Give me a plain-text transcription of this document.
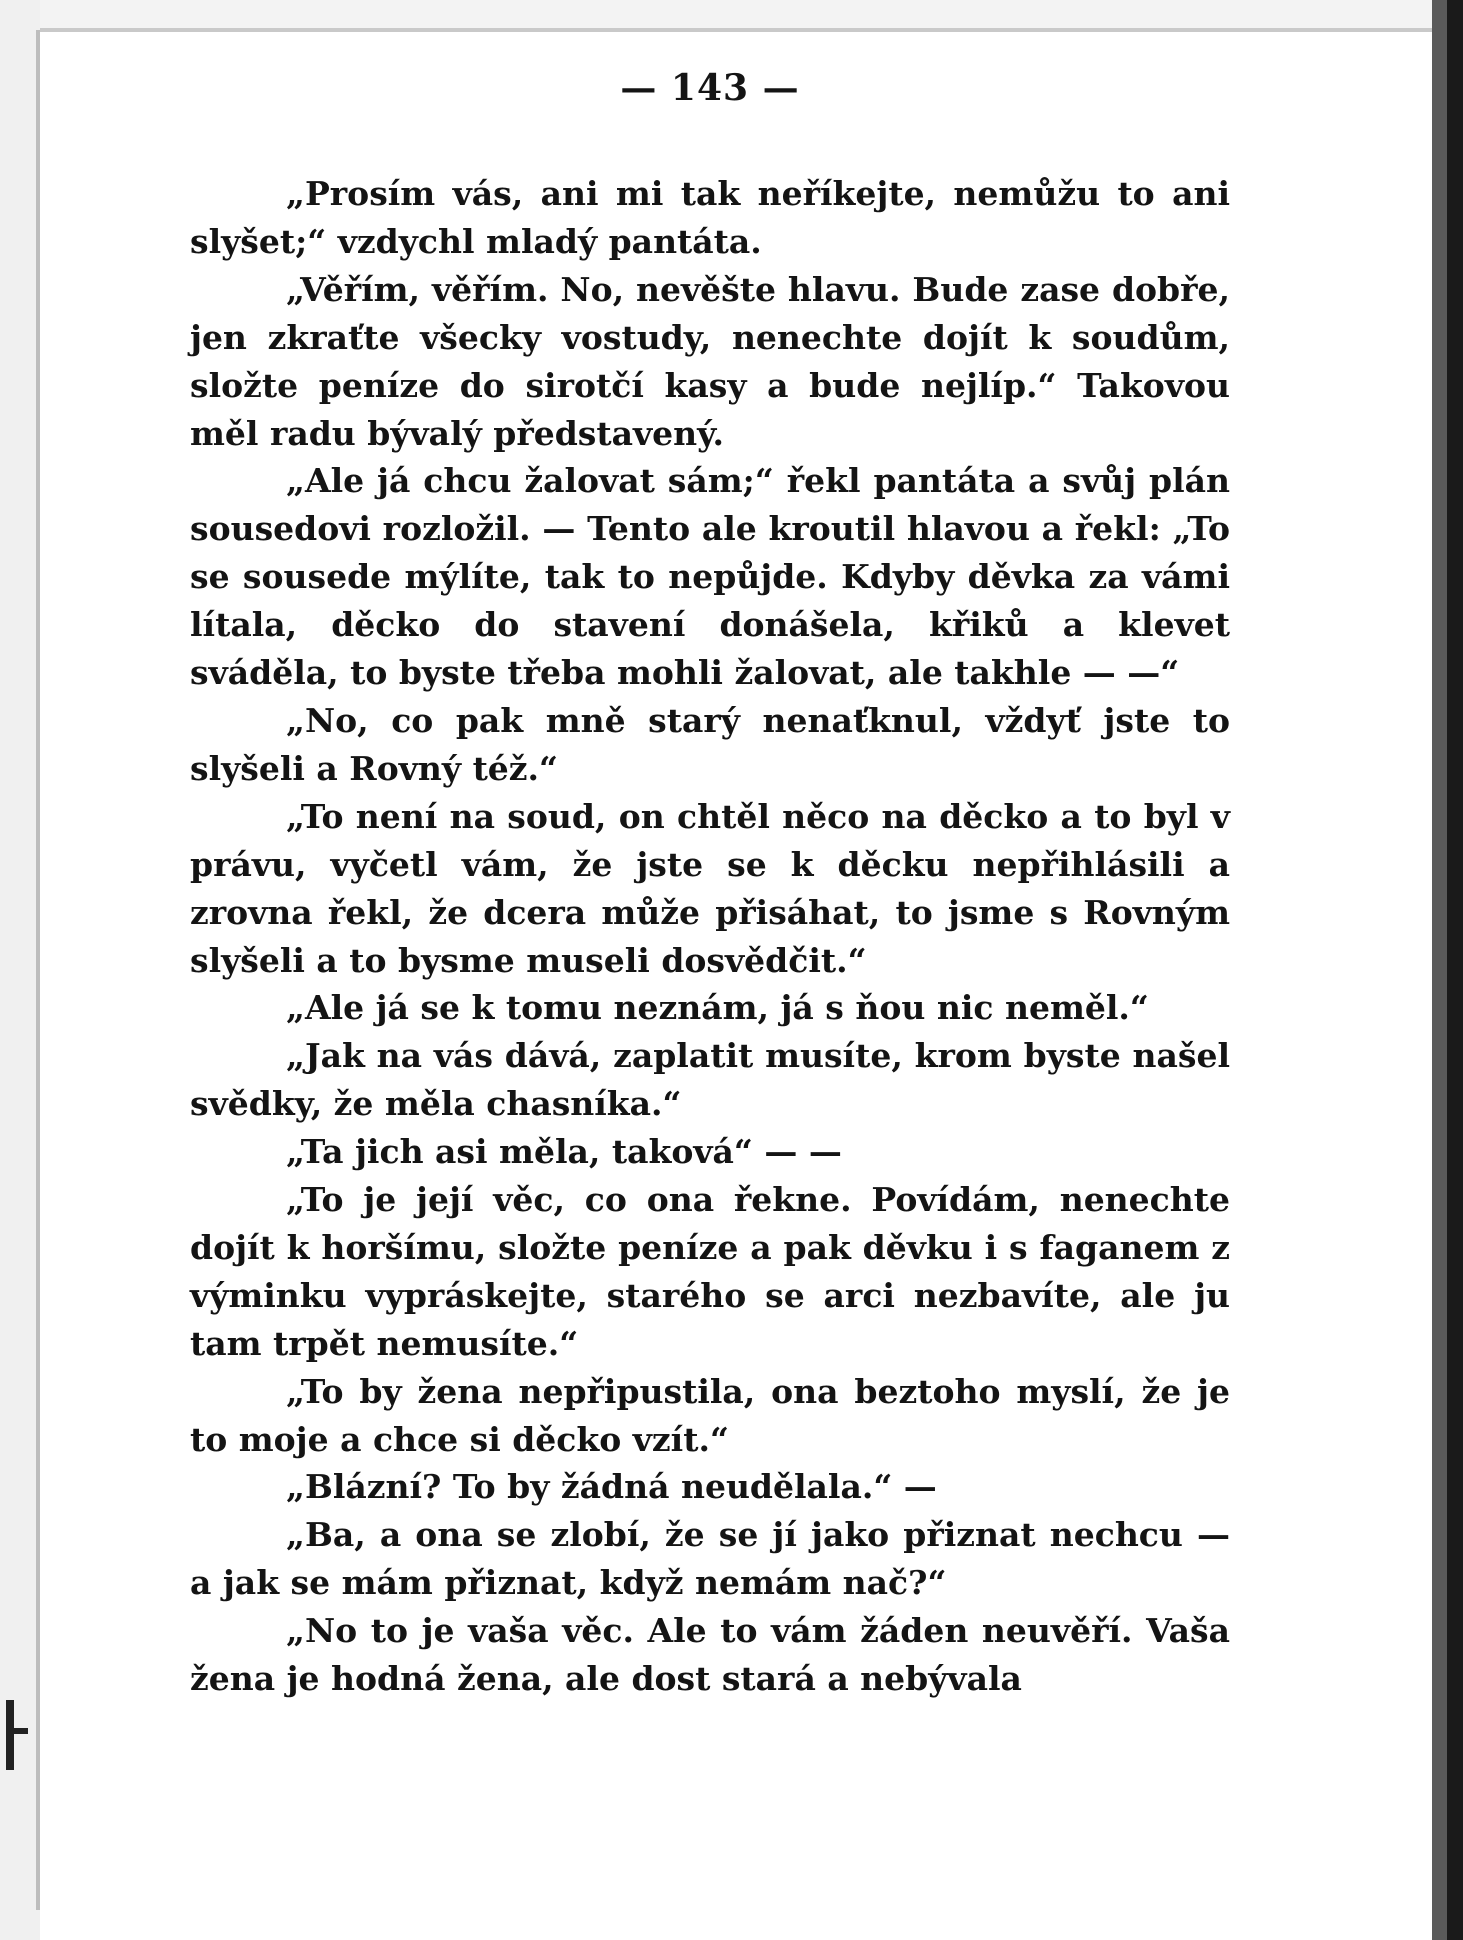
— 143 —

„Prosím vás, ani mi tak neříkejte, nemůžu to ani slyšet;“ vzdychl mladý pantáta.

„Věřím, věřím. No, nevěšte hlavu. Bude zase dobře, jen zkraťte všecky vostudy, nenechte dojít k soudům, složte peníze do sirotčí kasy a bude nejlíp.“ Takovou měl radu bývalý představený.

„Ale já chcu žalovat sám;“ řekl pantáta a svůj plán sousedovi rozložil. — Tento ale kroutil hlavou a řekl: „To se sousede mýlíte, tak to nepůjde. Kdyby děvka za vámi lítala, děcko do stavení donášela, křiků a klevet sváděla, to byste třeba mohli žalovat, ale takhle — —“

„No, co pak mně starý nenaťknul, vždyť jste to slyšeli a Rovný též.“

„To není na soud, on chtěl něco na děcko a to byl v právu, vyčetl vám, že jste se k děcku nepřihlásili a zrovna řekl, že dcera může přisáhat, to jsme s Rovným slyšeli a to bysme museli dosvědčit.“

„Ale já se k tomu neznám, já s ňou nic neměl.“

„Jak na vás dává, zaplatit musíte, krom byste našel svědky, že měla chasníka.“

„Ta jich asi měla, taková“ — —

„To je její věc, co ona řekne. Povídám, nenechte dojít k horšímu, složte peníze a pak děvku i s faganem z výminku vypráskejte, starého se arci nezbavíte, ale ju tam trpět nemusíte.“

„To by žena nepřipustila, ona beztoho myslí, že je to moje a chce si děcko vzít.“

„Blázní? To by žádná neudělala.“ —

„Ba, a ona se zlobí, že se jí jako přiznat nechcu — a jak se mám přiznat, když nemám nač?“

„No to je vaša věc. Ale to vám žáden neuvěří. Vaša žena je hodná žena, ale dost stará a nebývala
